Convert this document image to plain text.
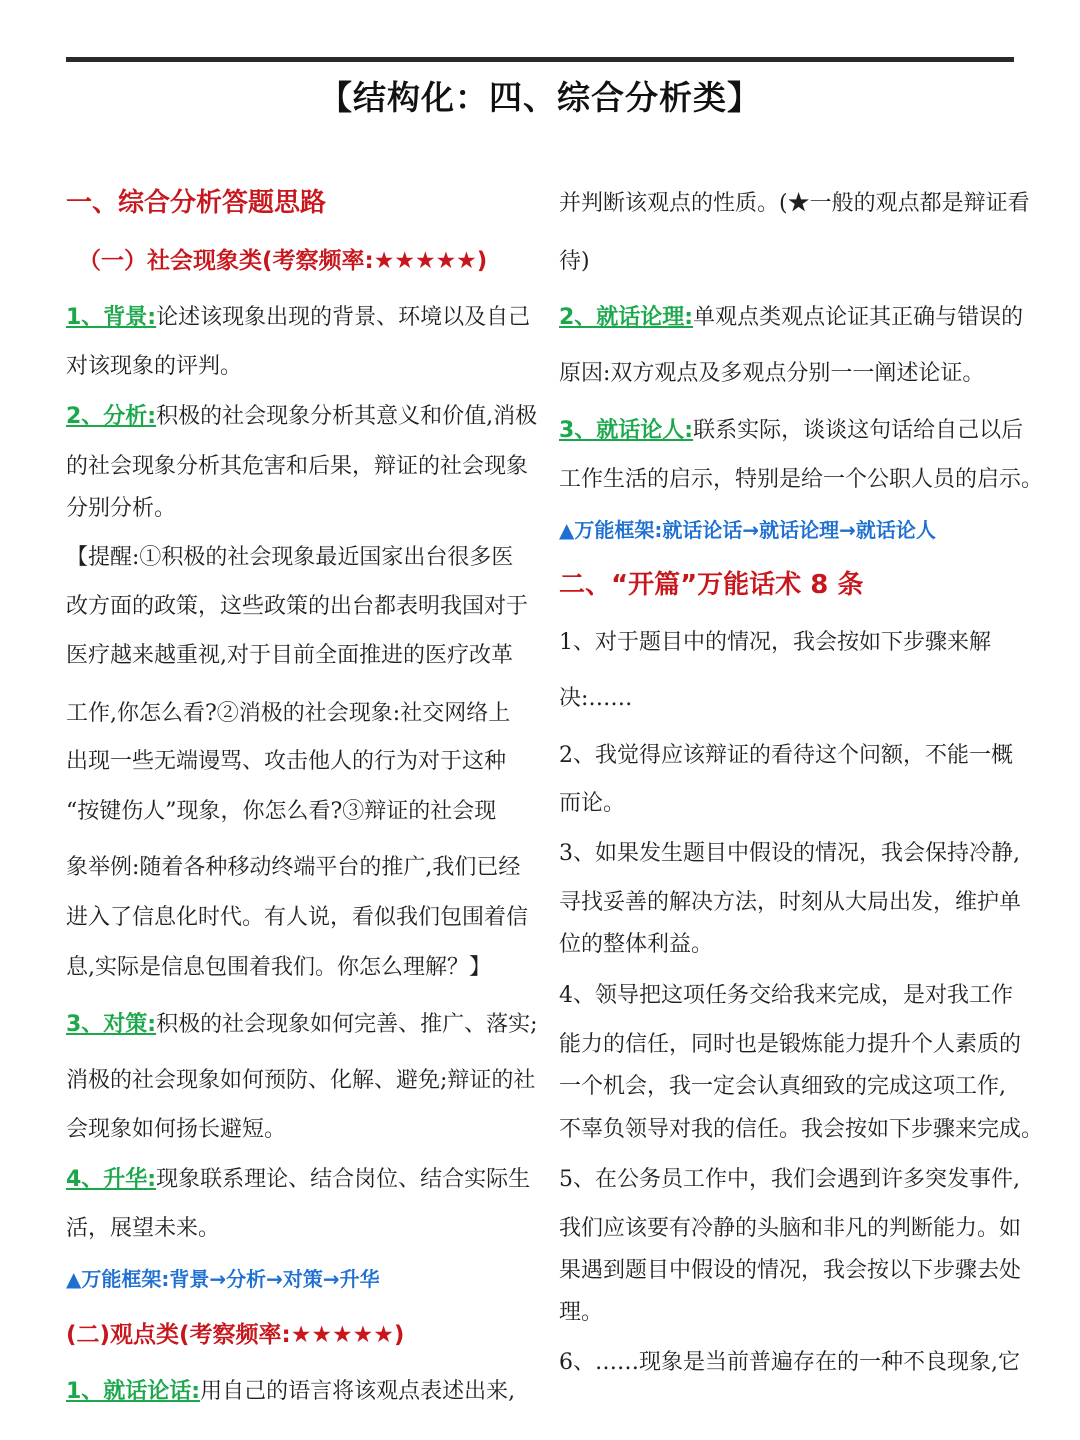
【结构化：四、综合分析类】
一、综合分析答题思路
（一）社会现象类(考察频率:★★★★★)
1、背景:论述该现象出现的背景、环境以及自己
对该现象的评判。
2、分析:积极的社会现象分析其意义和价值,消极
的社会现象分析其危害和后果，辩证的社会现象
分别分析。
【提醒:①积极的社会现象最近国家出台很多医
改方面的政策，这些政策的出台都表明我国对于
医疗越来越重视,对于目前全面推进的医疗改革
工作,你怎么看?②消极的社会现象:社交网络上
出现一些无端谩骂、攻击他人的行为对于这种
“按键伤人”现象，你怎么看?③辩证的社会现
象举例:随着各种移动终端平台的推广,我们已经
进入了信息化时代。有人说，看似我们包围着信
息,实际是信息包围着我们。你怎么理解？】
3、对策:积极的社会现象如何完善、推广、落实;
消极的社会现象如何预防、化解、避免;辩证的社
会现象如何扬长避短。
4、升华:现象联系理论、结合岗位、结合实际生
活，展望未来。
▲万能框架:背景→分析→对策→升华
(二)观点类(考察频率:★★★★★)
1、就话论话:用自己的语言将该观点表述出来,
并判断该观点的性质。(★一般的观点都是辩证看
待)
2、就话论理:单观点类观点论证其正确与错误的
原因:双方观点及多观点分别一一阐述论证。
3、就话论人:联系实际，谈谈这句话给自己以后
工作生活的启示，特别是给一个公职人员的启示。
▲万能框架:就话论话→就话论理→就话论人
二、“开篇”万能话术 8 条
1、对于题目中的情况，我会按如下步骤来解
决:……
2、我觉得应该辩证的看待这个问额，不能一概
而论。
3、如果发生题目中假设的情况，我会保持冷静,
寻找妥善的解决方法，时刻从大局出发，维护单
位的整体利益。
4、领导把这项任务交给我来完成，是对我工作
能力的信任，同时也是锻炼能力提升个人素质的
一个机会，我一定会认真细致的完成这项工作,
不辜负领导对我的信任。我会按如下步骤来完成。
5、在公务员工作中，我们会遇到许多突发事件,
我们应该要有冷静的头脑和非凡的判断能力。如
果遇到题目中假设的情况，我会按以下步骤去处
理。
6、……现象是当前普遍存在的一种不良现象,它
